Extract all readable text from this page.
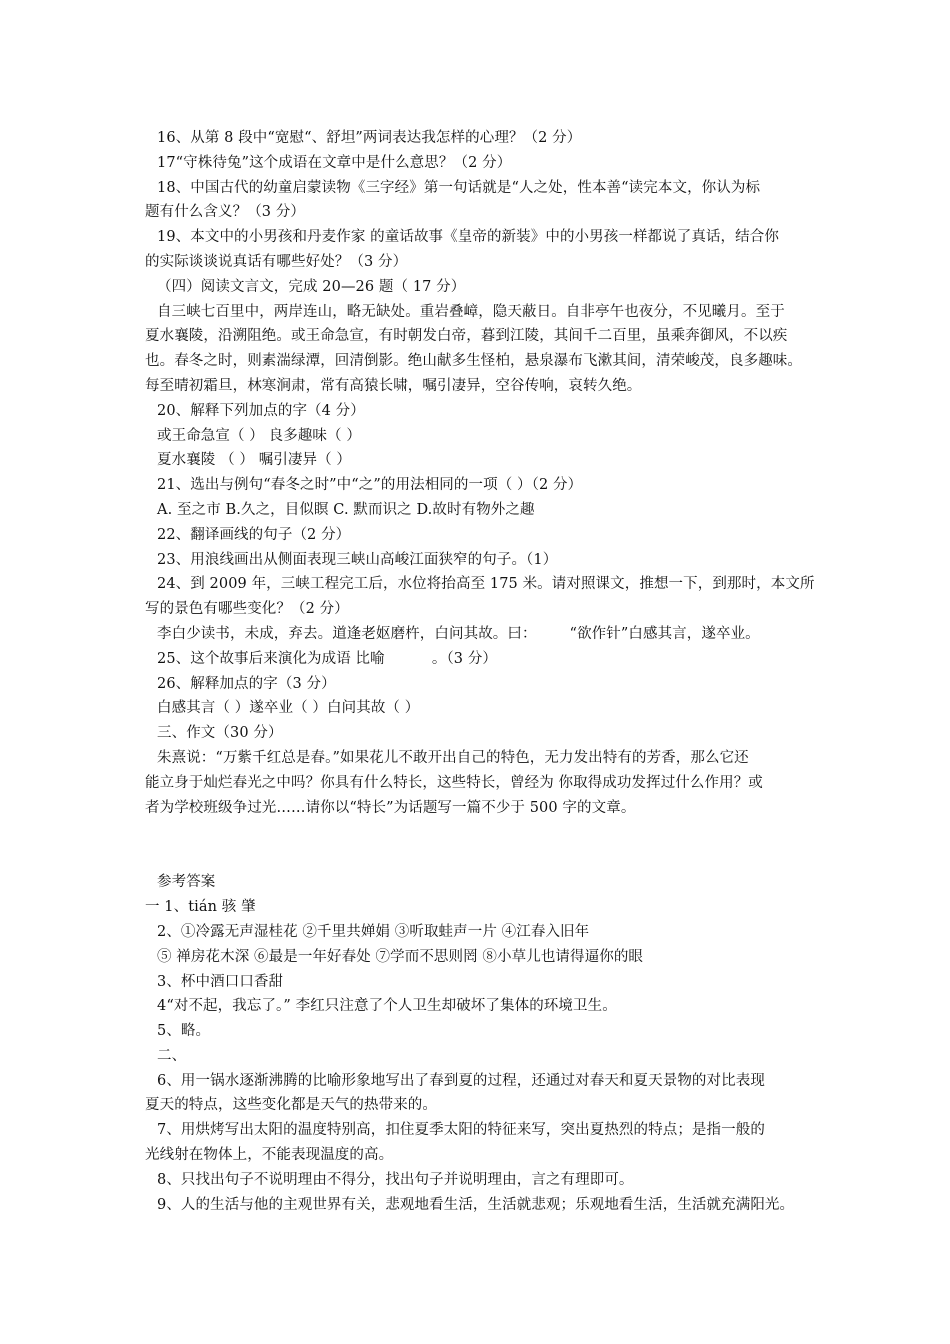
16、从第 8 段中“宽慰“、舒坦”两词表达我怎样的心理？（2 分）
17“守株待兔”这个成语在文章中是什么意思？（2 分）
18、中国古代的幼童启蒙读物《三字经》第一句话就是“人之处，性本善“读完本文，你认为标
题有什么含义？（3 分）
19、本文中的小男孩和丹麦作家 的童话故事《皇帝的新装》中的小男孩一样都说了真话，结合你
的实际谈谈说真话有哪些好处？（3 分）
（四）阅读文言文，完成 20—26 题（ 17 分）
自三峡七百里中，两岸连山，略无缺处。重岩叠嶂，隐天蔽日。自非亭午也夜分，不见曦月。至于
夏水襄陵，沿溯阻绝。或王命急宣，有时朝发白帝，暮到江陵，其间千二百里，虽乘奔御风，不以疾
也。春冬之时，则素湍绿潭，回清倒影。绝山献多生怪柏，悬泉瀑布飞漱其间，清荣峻茂，良多趣味。
每至晴初霜旦，林寒涧肃，常有高猿长啸，嘱引凄异，空谷传响，哀转久绝。
20、解释下列加点的字（4 分）
或王命急宣（ ） 良多趣味（ ）
夏水襄陵 （ ） 嘱引凄异（ ）
21、选出与例句“春冬之时”中“之”的用法相同的一项（ ）（2 分）
A. 至之市 B.久之，目似瞑 C. 默而识之 D.故时有物外之趣
22、翻译画线的句子（2 分）
23、用浪线画出从侧面表现三峡山高峻江面狭窄的句子。（1）
24、到 2009 年，三峡工程完工后，水位将抬高至 175 米。请对照课文，推想一下，到那时，本文所
写的景色有哪些变化？（2 分）
李白少读书，未成，弃去。道逢老妪磨杵，白问其故。曰：       “欲作针”白感其言，遂卒业。
25、这个故事后来演化为成语 比喻          。（3 分）
26、解释加点的字（3 分）
白感其言（ ）遂卒业（ ）白问其故（ ）
三、作文（30 分）
朱熹说：“万紫千红总是春。”如果花儿不敢开出自己的特色，无力发出特有的芳香，那么它还
能立身于灿烂春光之中吗？你具有什么特长，这些特长，曾经为 你取得成功发挥过什么作用？或
者为学校班级争过光……请你以“特长”为话题写一篇不少于 500 字的文章。
参考答案
一 1、tián 骇 肇
2、①冷露无声湿桂花 ②千里共婵娟 ③听取蛙声一片 ④江春入旧年
⑤ 禅房花木深 ⑥最是一年好春处 ⑦学而不思则罔 ⑧小草儿也请得逼你的眼
3、杯中酒口口香甜
4“对不起，我忘了。” 李红只注意了个人卫生却破坏了集体的环境卫生。
5、略。
二、
6、用一锅水逐渐沸腾的比喻形象地写出了春到夏的过程，还通过对春天和夏天景物的对比表现
夏天的特点，这些变化都是天气的热带来的。
7、用烘烤写出太阳的温度特别高，扣住夏季太阳的特征来写，突出夏热烈的特点；是指一般的
光线射在物体上，不能表现温度的高。
8、只找出句子不说明理由不得分，找出句子并说明理由，言之有理即可。
9、人的生活与他的主观世界有关，悲观地看生活，生活就悲观；乐观地看生活，生活就充满阳光。
